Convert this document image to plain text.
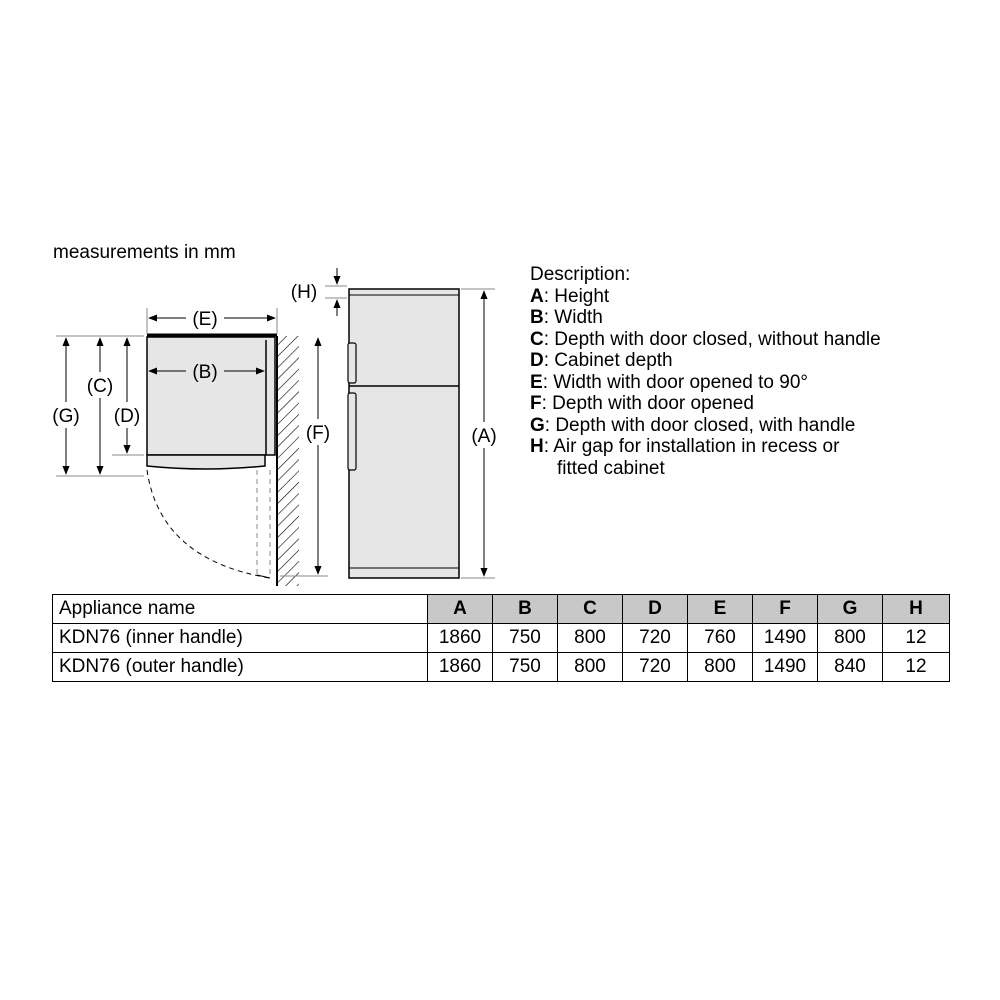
measurements in mm
(G)
(C)
(D)
(E)
(B)
(F)
(H)
(A)
Description:
A: Height
B: Width
C: Depth with door closed, without handle
D: Cabinet depth
E: Width with door opened to 90°
F: Depth with door opened
G: Depth with door closed, with handle
H: Air gap for installation in recess or
fitted cabinet
Appliance name	A	B	C	D	E	F	G	H
KDN76 (inner handle)	1860	750	800	720	760	1490	800	12
KDN76 (outer handle)	1860	750	800	720	800	1490	840	12
